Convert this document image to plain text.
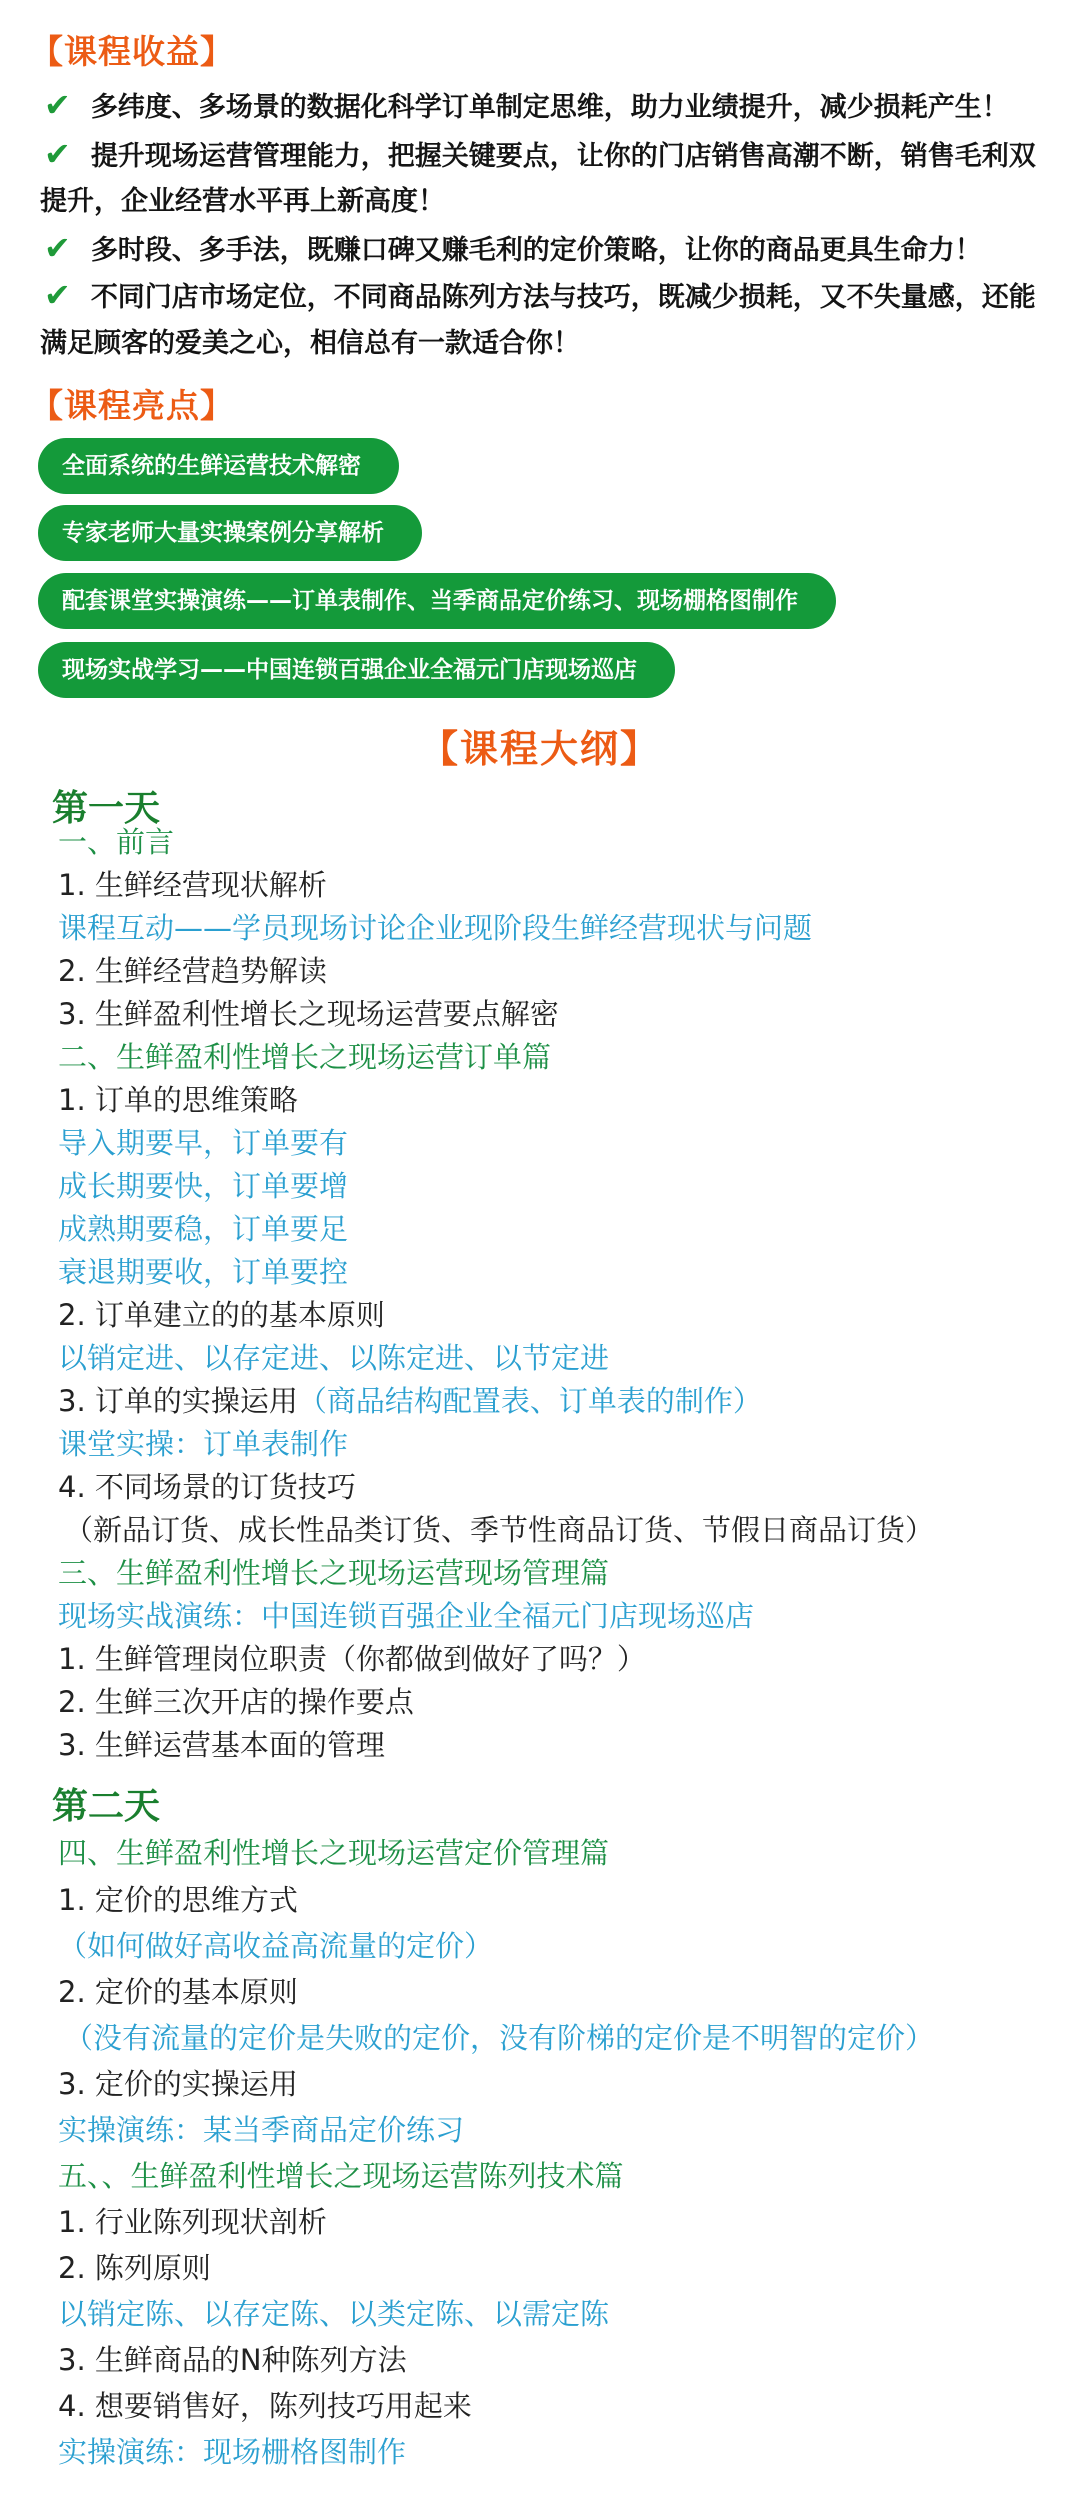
【课程收益】
✔ 多纬度、多场景的数据化科学订单制定思维，助力业绩提升，减少损耗产生！
✔ 提升现场运营管理能力，把握关键要点，让你的门店销售高潮不断，销售毛利双
提升，企业经营水平再上新高度！
✔ 多时段、多手法，既赚口碑又赚毛利的定价策略，让你的商品更具生命力！
✔ 不同门店市场定位，不同商品陈列方法与技巧，既减少损耗，又不失量感，还能
满足顾客的爱美之心，相信总有一款适合你！
【课程亮点】
全面系统的生鲜运营技术解密
专家老师大量实操案例分享解析
配套课堂实操演练——订单表制作、当季商品定价练习、现场棚格图制作
现场实战学习——中国连锁百强企业全福元门店现场巡店
【课程大纲】
第一天
一、前言
1. 生鲜经营现状解析
课程互动——学员现场讨论企业现阶段生鲜经营现状与问题
2. 生鲜经营趋势解读
3. 生鲜盈利性增长之现场运营要点解密
二、生鲜盈利性增长之现场运营订单篇
1. 订单的思维策略
导入期要早，订单要有
成长期要快，订单要增
成熟期要稳，订单要足
衰退期要收，订单要控
2. 订单建立的的基本原则
以销定进、以存定进、以陈定进、以节定进
3. 订单的实操运用（商品结构配置表、订单表的制作）
课堂实操：订单表制作
4. 不同场景的订货技巧
（新品订货、成长性品类订货、季节性商品订货、节假日商品订货）
三、生鲜盈利性增长之现场运营现场管理篇
现场实战演练：中国连锁百强企业全福元门店现场巡店
1. 生鲜管理岗位职责（你都做到做好了吗？）
2. 生鲜三次开店的操作要点
3. 生鲜运营基本面的管理
第二天
四、生鲜盈利性增长之现场运营定价管理篇
1. 定价的思维方式
（如何做好高收益高流量的定价）
2. 定价的基本原则
（没有流量的定价是失败的定价，没有阶梯的定价是不明智的定价）
3. 定价的实操运用
实操演练：某当季商品定价练习
五、、生鲜盈利性增长之现场运营陈列技术篇
1. 行业陈列现状剖析
2. 陈列原则
以销定陈、以存定陈、以类定陈、以需定陈
3. 生鲜商品的N种陈列方法
4. 想要销售好，陈列技巧用起来
实操演练：现场栅格图制作
